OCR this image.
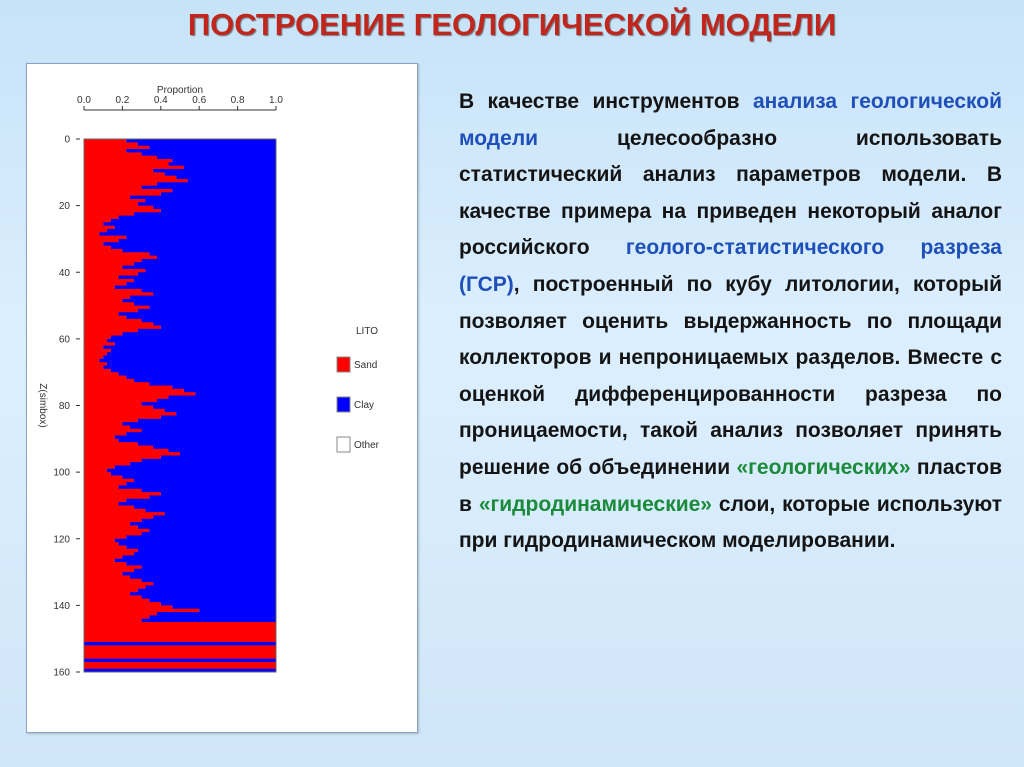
ПОСТРОЕНИЕ ГЕОЛОГИЧЕСКОЙ МОДЕЛИ
0.0 0.2 0.4 0.6 0.8 1.0
Proportion
0
20
40
60
80
100
120
140
160
Z(simbox)
LITO
Sand
Clay
Other
В качестве инструментов анализа геологической модели целесообразно использовать статистический анализ параметров модели. В качестве примера на приведен некоторый аналог российского геолого-статистического разреза (ГСР), построенный по кубу литологии, который позволяет оценить выдержанность по площади коллекторов и непроницаемых разделов. Вместе с оценкой дифференцированности разреза по проницаемости, такой анализ позволяет принять решение об объединении «геологических» пластов в «гидродинамические» слои, которые используют при гидродинамическом моделировании.
